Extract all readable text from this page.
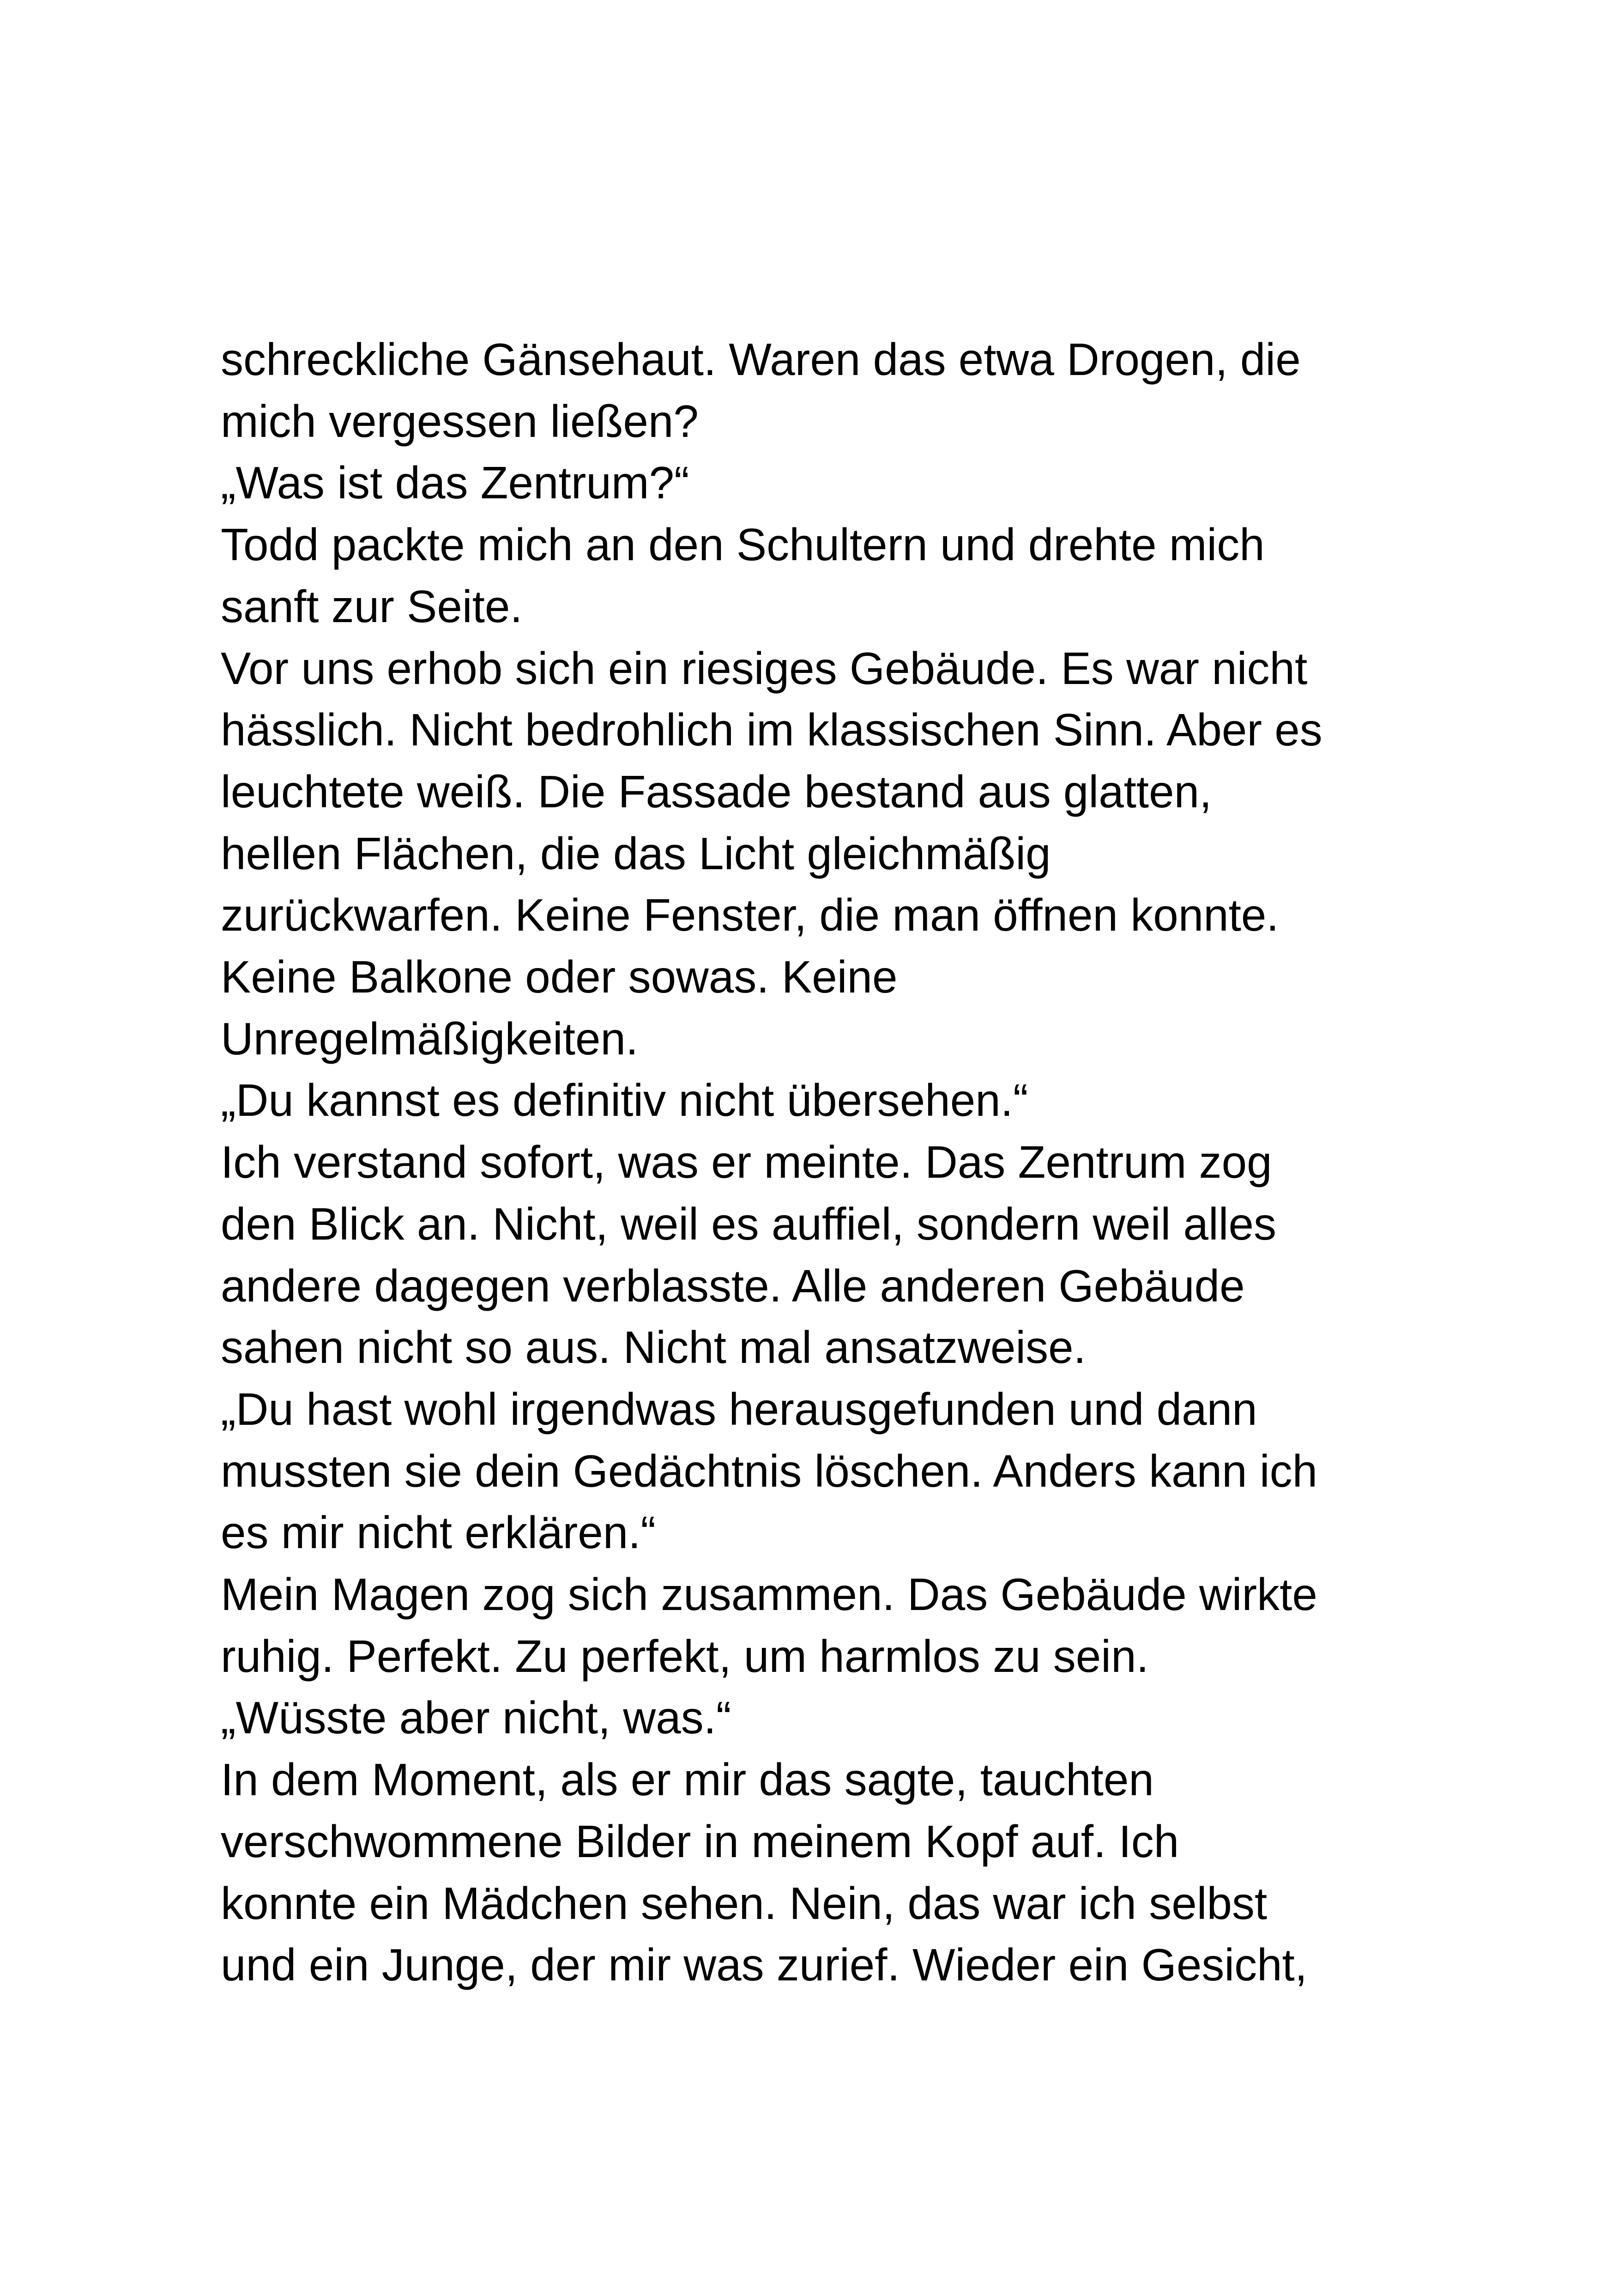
schreckliche Gänsehaut. Waren das etwa Drogen, die
mich vergessen ließen?
„Was ist das Zentrum?“
Todd packte mich an den Schultern und drehte mich
sanft zur Seite.
Vor uns erhob sich ein riesiges Gebäude. Es war nicht
hässlich. Nicht bedrohlich im klassischen Sinn. Aber es
leuchtete weiß. Die Fassade bestand aus glatten,
hellen Flächen, die das Licht gleichmäßig
zurückwarfen. Keine Fenster, die man öffnen konnte.
Keine Balkone oder sowas. Keine
Unregelmäßigkeiten.
„Du kannst es definitiv nicht übersehen.“
Ich verstand sofort, was er meinte. Das Zentrum zog
den Blick an. Nicht, weil es auffiel, sondern weil alles
andere dagegen verblasste. Alle anderen Gebäude
sahen nicht so aus. Nicht mal ansatzweise.
„Du hast wohl irgendwas herausgefunden und dann
mussten sie dein Gedächtnis löschen. Anders kann ich
es mir nicht erklären.“
Mein Magen zog sich zusammen. Das Gebäude wirkte
ruhig. Perfekt. Zu perfekt, um harmlos zu sein.
„Wüsste aber nicht, was.“
In dem Moment, als er mir das sagte, tauchten
verschwommene Bilder in meinem Kopf auf. Ich
konnte ein Mädchen sehen. Nein, das war ich selbst
und ein Junge, der mir was zurief. Wieder ein Gesicht,
